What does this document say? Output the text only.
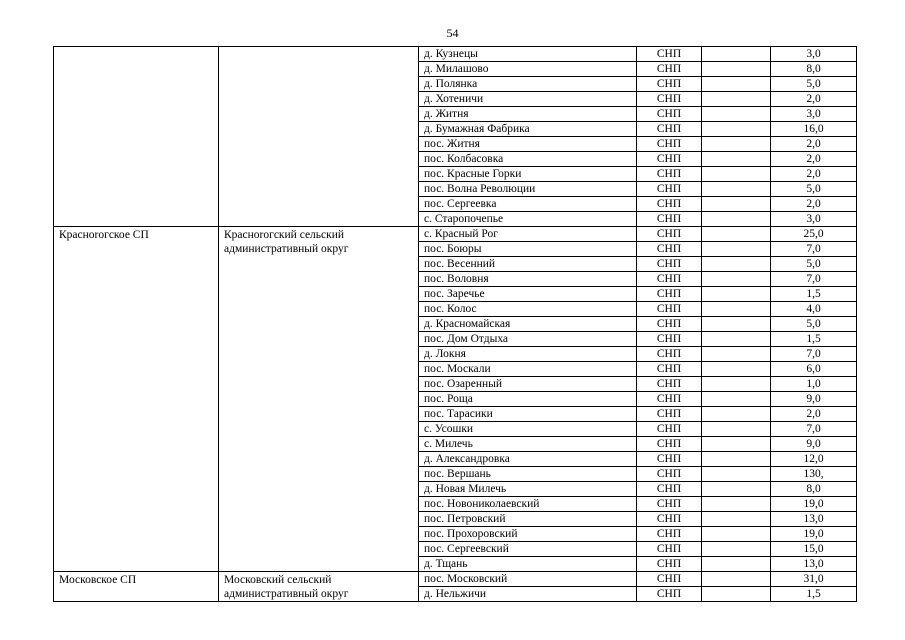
54
		д. Кузнецы	СНП		3,0
		д. Милашово	СНП		8,0
		д. Полянка	СНП		5,0
		д. Хотеничи	СНП		2,0
		д. Житня	СНП		3,0
		д. Бумажная Фабрика	СНП		16,0
		пос. Житня	СНП		2,0
		пос. Колбасовка	СНП		2,0
		пос. Красные Горки	СНП		2,0
		пос. Волна Революции	СНП		5,0
		пос. Сергеевка	СНП		2,0
		с. Старопочепье	СНП		3,0
Красноrогское СП	Красноrогский сельский административный округ	с. Красный Рог	СНП		25,0
		пос. Боюры	СНП		7,0
		пос. Весенний	СНП		5,0
		пос. Воловня	СНП		7,0
		пос. Заречье	СНП		1,5
		пос. Колос	СНП		4,0
		д. Красномайская	СНП		5,0
		пос. Дом Отдыха	СНП		1,5
		д. Локня	СНП		7,0
		пос. Москали	СНП		6,0
		пос. Озаренный	СНП		1,0
		пос. Роща	СНП		9,0
		пос. Тарасики	СНП		2,0
		с. Усошки	СНП		7,0
		с. Милечь	СНП		9,0
		д. Александровка	СНП		12,0
		пос. Вершань	СНП		130,
		д. Новая Милечь	СНП		8,0
		пос. Новониколаевский	СНП		19,0
		пос. Петровский	СНП		13,0
		пос. Прохоровский	СНП		19,0
		пос. Сергеевский	СНП		15,0
		д. Тщань	СНП		13,0
Московское СП	Московский сельский административный округ	пос. Московский	СНП		31,0
		д. Нельжичи	СНП		1,5
